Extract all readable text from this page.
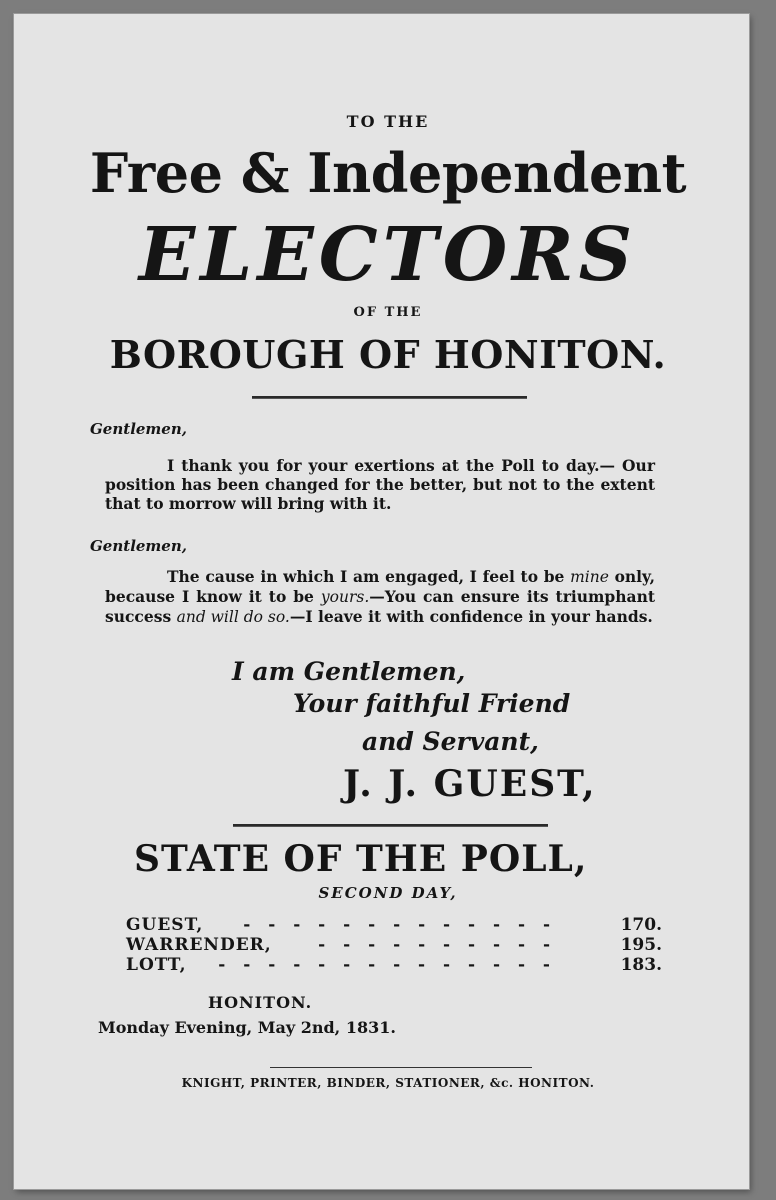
TO THE
Free & Independent
ELECTORS
OF THE
BOROUGH OF HONITON.
Gentlemen,

I thank you for your exertions at the Poll to day.— Our position has been changed for the better, but not to the extent that to morrow will bring with it.

Gentlemen,

The cause in which I am engaged, I feel to be mine only, because I know it to be yours.—You can ensure its triumphant success and will do so.—I leave it with confidence in your hands.

I am Gentlemen,
Your faithful Friend
and Servant,
J. J. GUEST,
STATE OF THE POLL,
SECOND DAY,
GUEST,	- - - - - - - - - - - - -	170.
WARRENDER,	- - - - - - - - - -	195.
LOTT,	- - - - - - - - - - - - - -	183.
HONITON.
Monday Evening, May 2nd, 1831.
KNIGHT, PRINTER, BINDER, STATIONER, &c. HONITON.
